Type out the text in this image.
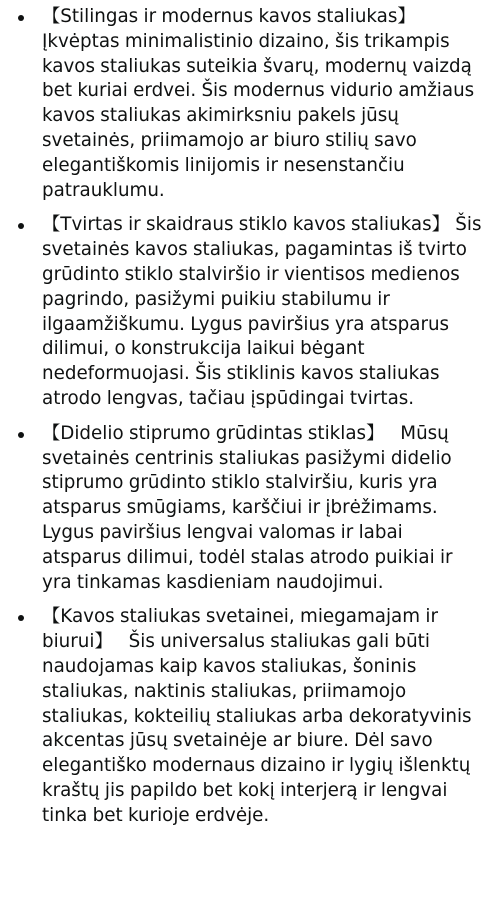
【Stilingas ir modernus kavos staliukas】 Įkvėptas minimalistinio dizaino, šis trikampis kavos staliukas suteikia švarų, modernų vaizdą bet kuriai erdvei. Šis modernus vidurio amžiaus kavos staliukas akimirksniu pakels jūsų svetainės, priimamojo ar biuro stilių savo elegantiškomis linijomis ir nesenstančiu patrauklumu.
【Tvirtas ir skaidraus stiklo kavos staliukas】 Šis svetainės kavos staliukas, pagamintas iš tvirto grūdinto stiklo stalviršio ir vientisos medienos pagrindo, pasižymi puikiu stabilumu ir ilgaamžiškumu. Lygus paviršius yra atsparus dilimui, o konstrukcija laikui bėgant nedeformuojasi. Šis stiklinis kavos staliukas atrodo lengvas, tačiau įspūdingai tvirtas.
【Didelio stiprumo grūdintas stiklas】   Mūsų svetainės centrinis staliukas pasižymi didelio stiprumo grūdinto stiklo stalviršiu, kuris yra atsparus smūgiams, karščiui ir įbrėžimams. Lygus paviršius lengvai valomas ir labai atsparus dilimui, todėl stalas atrodo puikiai ir yra tinkamas kasdieniam naudojimui.
【Kavos staliukas svetainei, miegamajam ir biurui】   Šis universalus staliukas gali būti naudojamas kaip kavos staliukas, šoninis staliukas, naktinis staliukas, priimamojo staliukas, kokteilių staliukas arba dekoratyvinis akcentas jūsų svetainėje ar biure. Dėl savo elegantiško modernaus dizaino ir lygių išlenktų kraštų jis papildo bet kokį interjerą ir lengvai tinka bet kurioje erdvėje.
